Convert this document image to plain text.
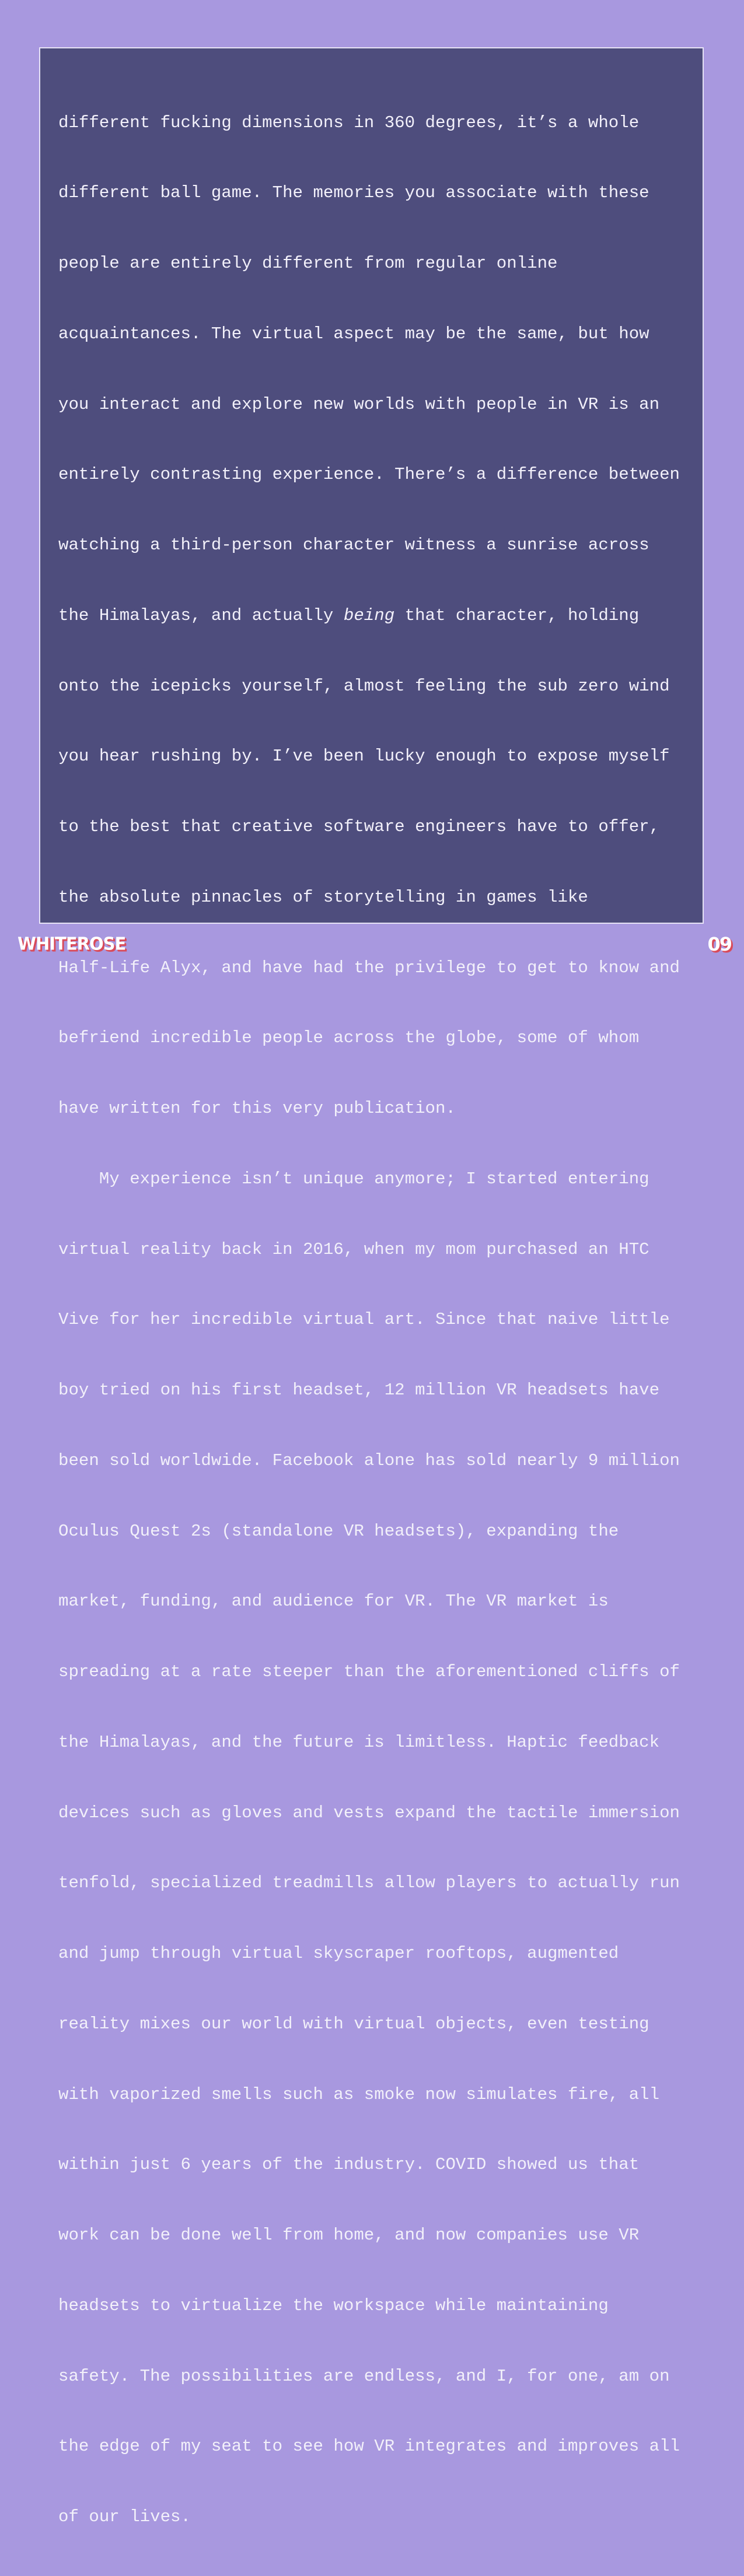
different fucking dimensions in 360 degrees, it’s a whole

different ball game. The memories you associate with these

people are entirely different from regular online

acquaintances. The virtual aspect may be the same, but how

you interact and explore new worlds with people in VR is an

entirely contrasting experience. There’s a difference between

watching a third-person character witness a sunrise across

the Himalayas, and actually being that character, holding

onto the icepicks yourself, almost feeling the sub zero wind

you hear rushing by. I’ve been lucky enough to expose myself

to the best that creative software engineers have to offer,

the absolute pinnacles of storytelling in games like

Half-Life Alyx, and have had the privilege to get to know and

befriend incredible people across the globe, some of whom

have written for this very publication.

My experience isn’t unique anymore; I started entering

virtual reality back in 2016, when my mom purchased an HTC

Vive for her incredible virtual art. Since that naive little

boy tried on his first headset, 12 million VR headsets have

been sold worldwide. Facebook alone has sold nearly 9 million

Oculus Quest 2s (standalone VR headsets), expanding the

market, funding, and audience for VR. The VR market is

spreading at a rate steeper than the aforementioned cliffs of

the Himalayas, and the future is limitless. Haptic feedback

devices such as gloves and vests expand the tactile immersion

tenfold, specialized treadmills allow players to actually run

and jump through virtual skyscraper rooftops, augmented

reality mixes our world with virtual objects, even testing

with vaporized smells such as smoke now simulates fire, all

within just 6 years of the industry. COVID showed us that

work can be done well from home, and now companies use VR

headsets to virtualize the workspace while maintaining

safety. The possibilities are endless, and I, for one, am on

the edge of my seat to see how VR integrates and improves all

of our lives.

WHITEROSE	09
